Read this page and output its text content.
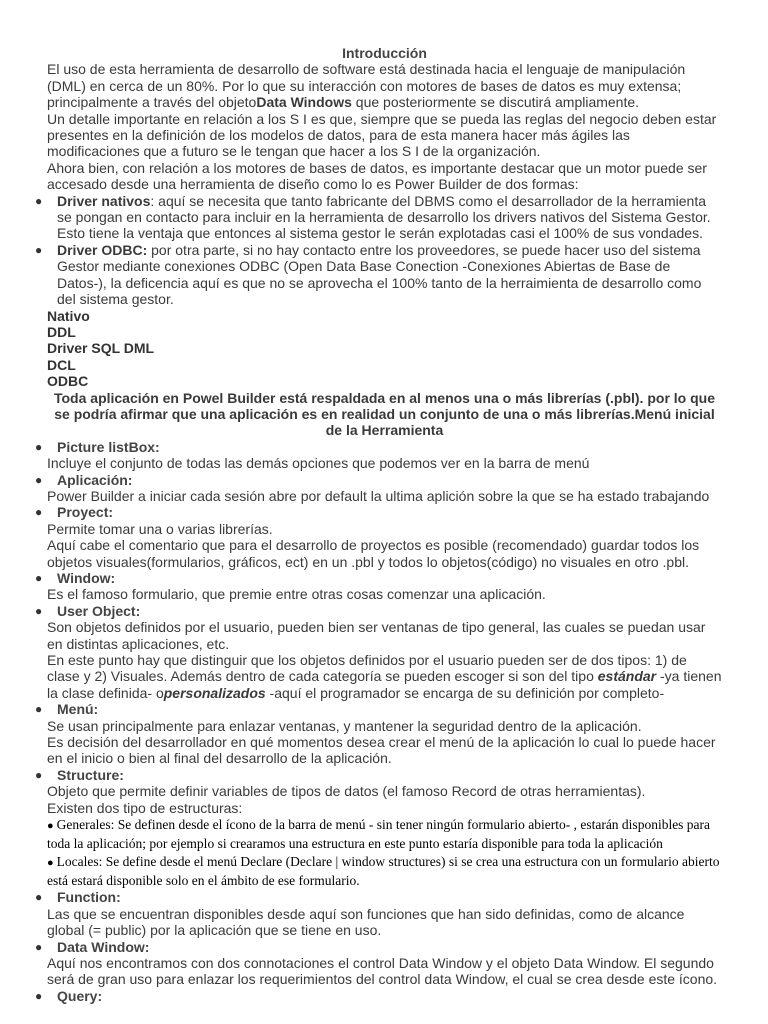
Introducción

El uso de esta herramienta de desarrollo de software está destinada hacia el lenguaje de manipulación (DML) en cerca de un 80%. Por lo que su interacción con motores de bases de datos es muy extensa; principalmente a través del objetoData Windows que posteriormente se discutirá ampliamente.

Un detalle importante en relación a los S I es que, siempre que se pueda las reglas del negocio deben estar presentes en la definición de los modelos de datos, para de esta manera hacer más ágiles las modificaciones que a futuro se le tengan que hacer a los S I de la organización.

Ahora bien, con relación a los motores de bases de datos, es importante destacar que un motor puede ser accesado desde una herramienta de diseño como lo es Power Builder de dos formas:

● Driver nativos: aquí se necesita que tanto fabricante del DBMS como el desarrollador de la herramienta se pongan en contacto para incluir en la herramienta de desarrollo los drivers nativos del Sistema Gestor. Esto tiene la ventaja que entonces al sistema gestor le serán explotadas casi el 100% de sus vondades.
● Driver ODBC: por otra parte, si no hay contacto entre los proveedores, se puede hacer uso del sistema Gestor mediante conexiones ODBC (Open Data Base Conection -Conexiones Abiertas de Base de Datos-), la deficencia aquí es que no se aprovecha el 100% tanto de la herraimienta de desarrollo como del sistema gestor.

Nativo

DDL

Driver SQL DML

DCL

ODBC

Toda aplicación en Powel Builder está respaldada en al menos una o más librerías (.pbl). por lo que se podría afirmar que una aplicación es en realidad un conjunto de una o más librerías.Menú inicial de la Herramienta

● Picture listBox:

Incluye el conjunto de todas las demás opciones que podemos ver en la barra de menú

● Aplicación:

Power Builder a iniciar cada sesión abre por default la ultima aplición sobre la que se ha estado trabajando

● Proyect:

Permite tomar una o varias librerías.

Aquí cabe el comentario que para el desarrollo de proyectos es posible (recomendado) guardar todos los objetos visuales(formularios, gráficos, ect) en un .pbl y todos lo objetos(código) no visuales en otro .pbl.

● Window:

Es el famoso formulario, que premie entre otras cosas comenzar una aplicación.

● User Object:

Son objetos definidos por el usuario, pueden bien ser ventanas de tipo general, las cuales se puedan usar en distintas aplicaciones, etc.

En este punto hay que distinguir que los objetos definidos por el usuario pueden ser de dos tipos: 1) de clase y 2) Visuales. Además dentro de cada categoría se pueden escoger si son del tipo estándar -ya tienen la clase definida- opersonalizados -aquí el programador se encarga de su definición por completo-

● Menú:

Se usan principalmente para enlazar ventanas, y mantener la seguridad dentro de la aplicación.

Es decisión del desarrollador en qué momentos desea crear el menú de la aplicación lo cual lo puede hacer en el inicio o bien al final del desarrollo de la aplicación.

● Structure:

Objeto que permite definir variables de tipos de datos (el famoso Record de otras herramientas).

Existen dos tipo de estructuras:

● Generales: Se definen desde el ícono de la barra de menú - sin tener ningún formulario abierto- , estarán disponibles para toda la aplicación; por ejemplo si crearamos una estructura en este punto estaría disponible para toda la aplicación

● Locales: Se define desde el menú Declare (Declare | window structures) si se crea una estructura con un formulario abierto está estará disponible solo en el ámbito de ese formulario.

● Function:

Las que se encuentran disponibles desde aquí son funciones que han sido definidas, como de alcance global (= public) por la aplicación que se tiene en uso.

● Data Window:

Aquí nos encontramos con dos connotaciones el control Data Window y el objeto Data Window. El segundo será de gran uso para enlazar los requerimientos del control data Window, el cual se crea desde este ícono.

● Query:
